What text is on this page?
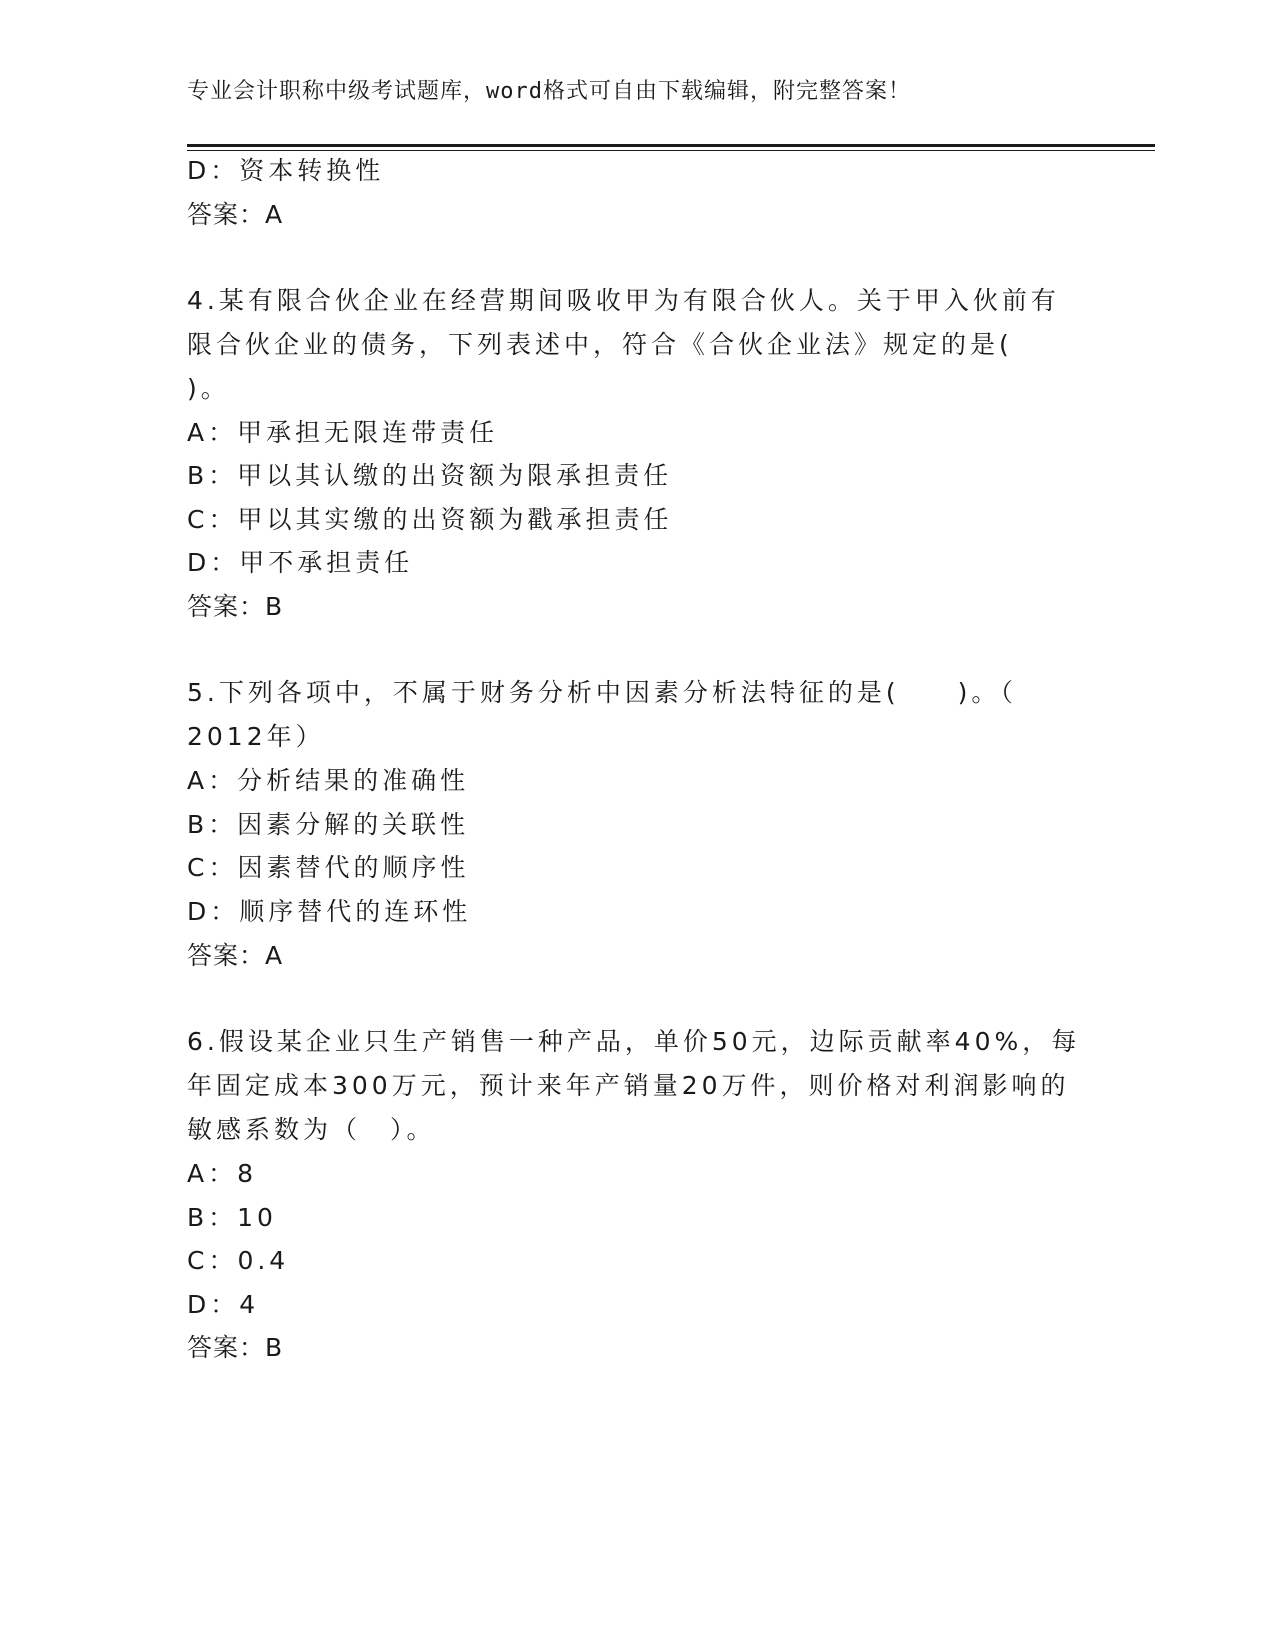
专业会计职称中级考试题库，word格式可自由下载编辑，附完整答案！
D：资本转换性
答案：A
4.某有限合伙企业在经营期间吸收甲为有限合伙人。关于甲入伙前有
限合伙企业的债务，下列表述中，符合《合伙企业法》规定的是(
)。
A：甲承担无限连带责任
B：甲以其认缴的出资额为限承担责任
C：甲以其实缴的出资额为戳承担责任
D：甲不承担责任
答案：B
5.下列各项中，不属于财务分析中因素分析法特征的是(　　)。（
2012年）
A：分析结果的准确性
B：因素分解的关联性
C：因素替代的顺序性
D：顺序替代的连环性
答案：A
6.假设某企业只生产销售一种产品，单价50元，边际贡献率40%，每
年固定成本300万元，预计来年产销量20万件，则价格对利润影响的
敏感系数为（　）。
A：8
B：10
C：0.4
D：4
答案：B
